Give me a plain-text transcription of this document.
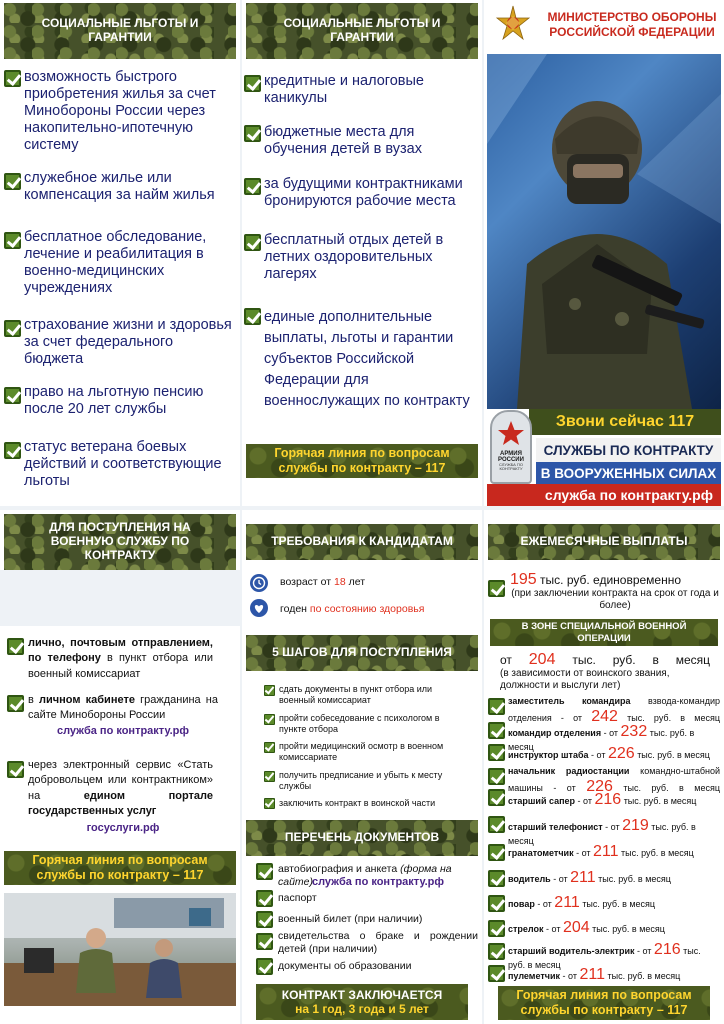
СОЦИАЛЬНЫЕ ЛЬГОТЫ И ГАРАНТИИ
возможность быстрого приобретения жилья за счет Минобороны России через накопительно-ипотечную систему
служебное жилье или компенсация за найм жилья
бесплатное обследование, лечение и реабилитация в военно-медицинских учреждениях
страхование жизни и здоровья за счет федерального бюджета
право на льготную пенсию после 20 лет службы
статус ветерана боевых действий и соответствующие льготы
СОЦИАЛЬНЫЕ ЛЬГОТЫ И ГАРАНТИИ
кредитные и налоговые каникулы
бюджетные места для обучения детей в вузах
за будущими контрактниками бронируются рабочие места
бесплатный отдых детей в летних оздоровительных лагерях
единые дополнительные выплаты, льготы и гарантии субъектов Российской Федерации для военнослужащих по контракту
Горячая линия по вопросам службы по контракту – 117
МИНИСТЕРСТВО ОБОРОНЫ РОССИЙСКОЙ ФЕДЕРАЦИИ
Звони сейчас 117
АРМИЯ
РОССИИ
СЛУЖБА ПО КОНТРАКТУ
СЛУЖБЫ ПО КОНТРАКТУ
В ВООРУЖЕННЫХ СИЛАХ
служба по контракту.рф
ДЛЯ ПОСТУПЛЕНИЯ НА ВОЕННУЮ СЛУЖБУ ПО КОНТРАКТУ
лично, почтовым отправлением, по телефону в пункт отбора или военный комиссариат
в личном кабинете гражданина на сайте Минобороны России
служба по контракту.рф
через электронный сервис «Стать добровольцем или контрактником» на едином портале государственных услуг
госуслуги.рф
Горячая линия по вопросам службы по контракту – 117
ТРЕБОВАНИЯ К КАНДИДАТАМ
возраст от 18 лет
годен по состоянию здоровья
5 ШАГОВ ДЛЯ ПОСТУПЛЕНИЯ
сдать документы в пункт отбора или военный комиссариат
пройти собеседование с психологом в пункте отбора
пройти медицинский осмотр в военном комиссариате
получить предписание и убыть к месту службы
заключить контракт в воинской части
ПЕРЕЧЕНЬ ДОКУМЕНТОВ
автобиография и анкета (форма на сайте)
служба по контракту.рф
паспорт
военный билет (при наличии)
свидетельства о браке и рождении детей (при наличии)
документы об образовании
КОНТРАКТ ЗАКЛЮЧАЕТСЯ
на 1 год, 3 года и 5 лет
ЕЖЕМЕСЯЧНЫЕ ВЫПЛАТЫ
195 тыс. руб. единовременно
(при заключении контракта на срок от года и более)
В ЗОНЕ СПЕЦИАЛЬНОЙ ВОЕННОЙ ОПЕРАЦИИ
от 204 тыс. руб. в месяц
(в зависимости от воинского звания, должности и выслуги лет)
заместитель командира взвода-командир отделения - от 242 тыс. руб. в месяц
командир отделения - от 232 тыс. руб. в месяц
инструктор штаба - от 226 тыс. руб. в месяц
начальник радиостанции командно-штабной машины - от 226 тыс. руб. в месяц
старший сапер - от 216 тыс. руб. в месяц
старший телефонист - от 219 тыс. руб. в месяц
гранатометчик - от 211 тыс. руб. в месяц
водитель - от 211 тыс. руб. в месяц
повар - от 211 тыс. руб. в месяц
стрелок - от 204 тыс. руб. в месяц
старший водитель-электрик - от 216 тыс. руб. в месяц
пулеметчик - от 211 тыс. руб. в месяц
Горячая линия по вопросам службы по контракту – 117
